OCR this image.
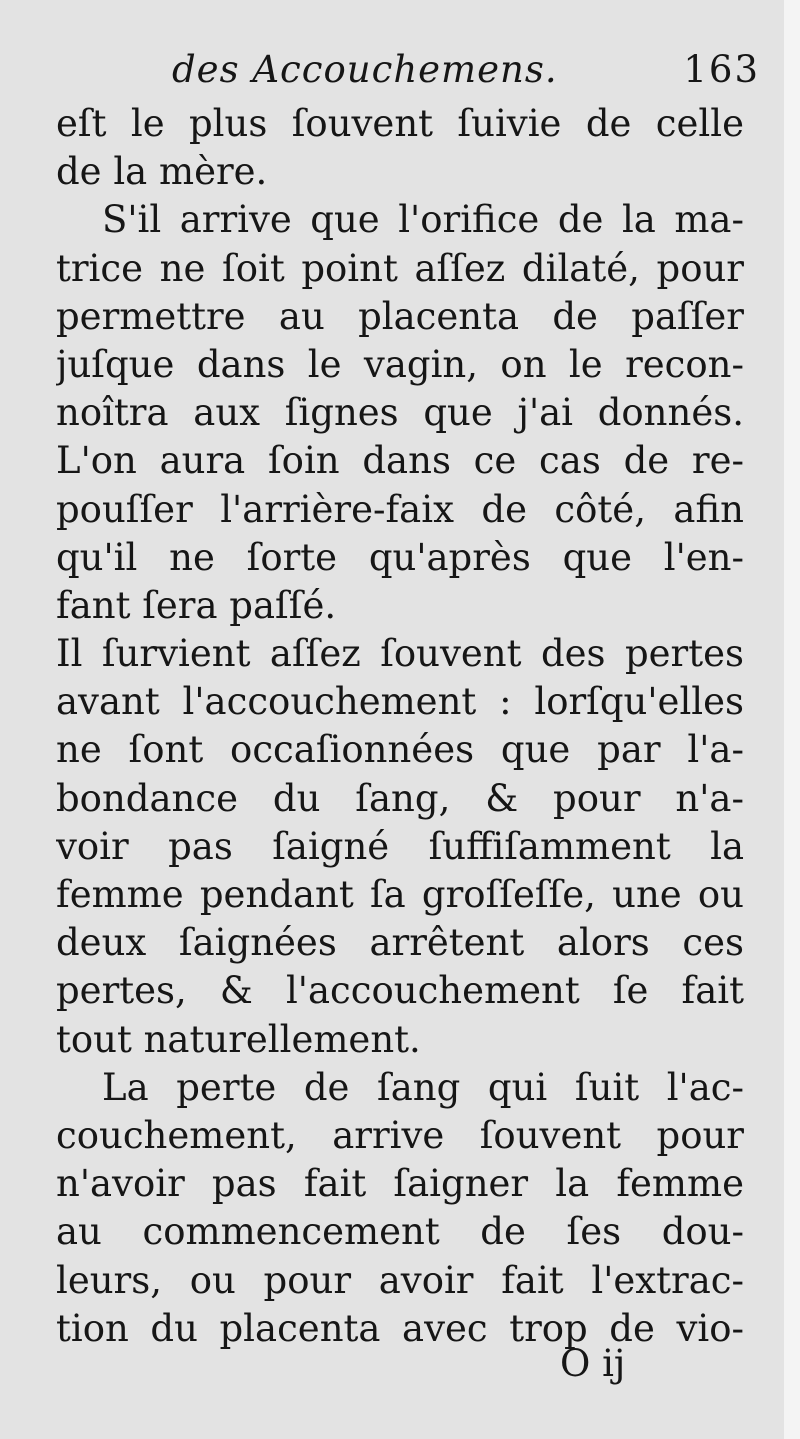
des Accouchemens.	163
eſt le plus ſouvent ſuivie de celle
de la mère.
S'il arrive que l'orifice de la ma-
trice ne ſoit point aſſez dilaté, pour
permettre au placenta de paſſer
juſque dans le vagin, on le recon-
noîtra aux ſignes que j'ai donnés.
L'on aura ſoin dans ce cas de re-
pouſſer l'arrière-faix de côté, afin
qu'il ne ſorte qu'après que l'en-
fant ſera paſſé.
Il ſurvient aſſez ſouvent des pertes
avant l'accouchement : lorſqu'elles
ne ſont occaſionnées que par l'a-
bondance du ſang, & pour n'a-
voir pas ſaigné ſuffiſamment la
femme pendant ſa groſſeſſe, une ou
deux ſaignées arrêtent alors ces
pertes, & l'accouchement ſe fait
tout naturellement.
La perte de ſang qui ſuit l'ac-
couchement, arrive ſouvent pour
n'avoir pas fait ſaigner la femme
au commencement de ſes dou-
leurs, ou pour avoir fait l'extrac-
tion du placenta avec trop de vio-
O ij
